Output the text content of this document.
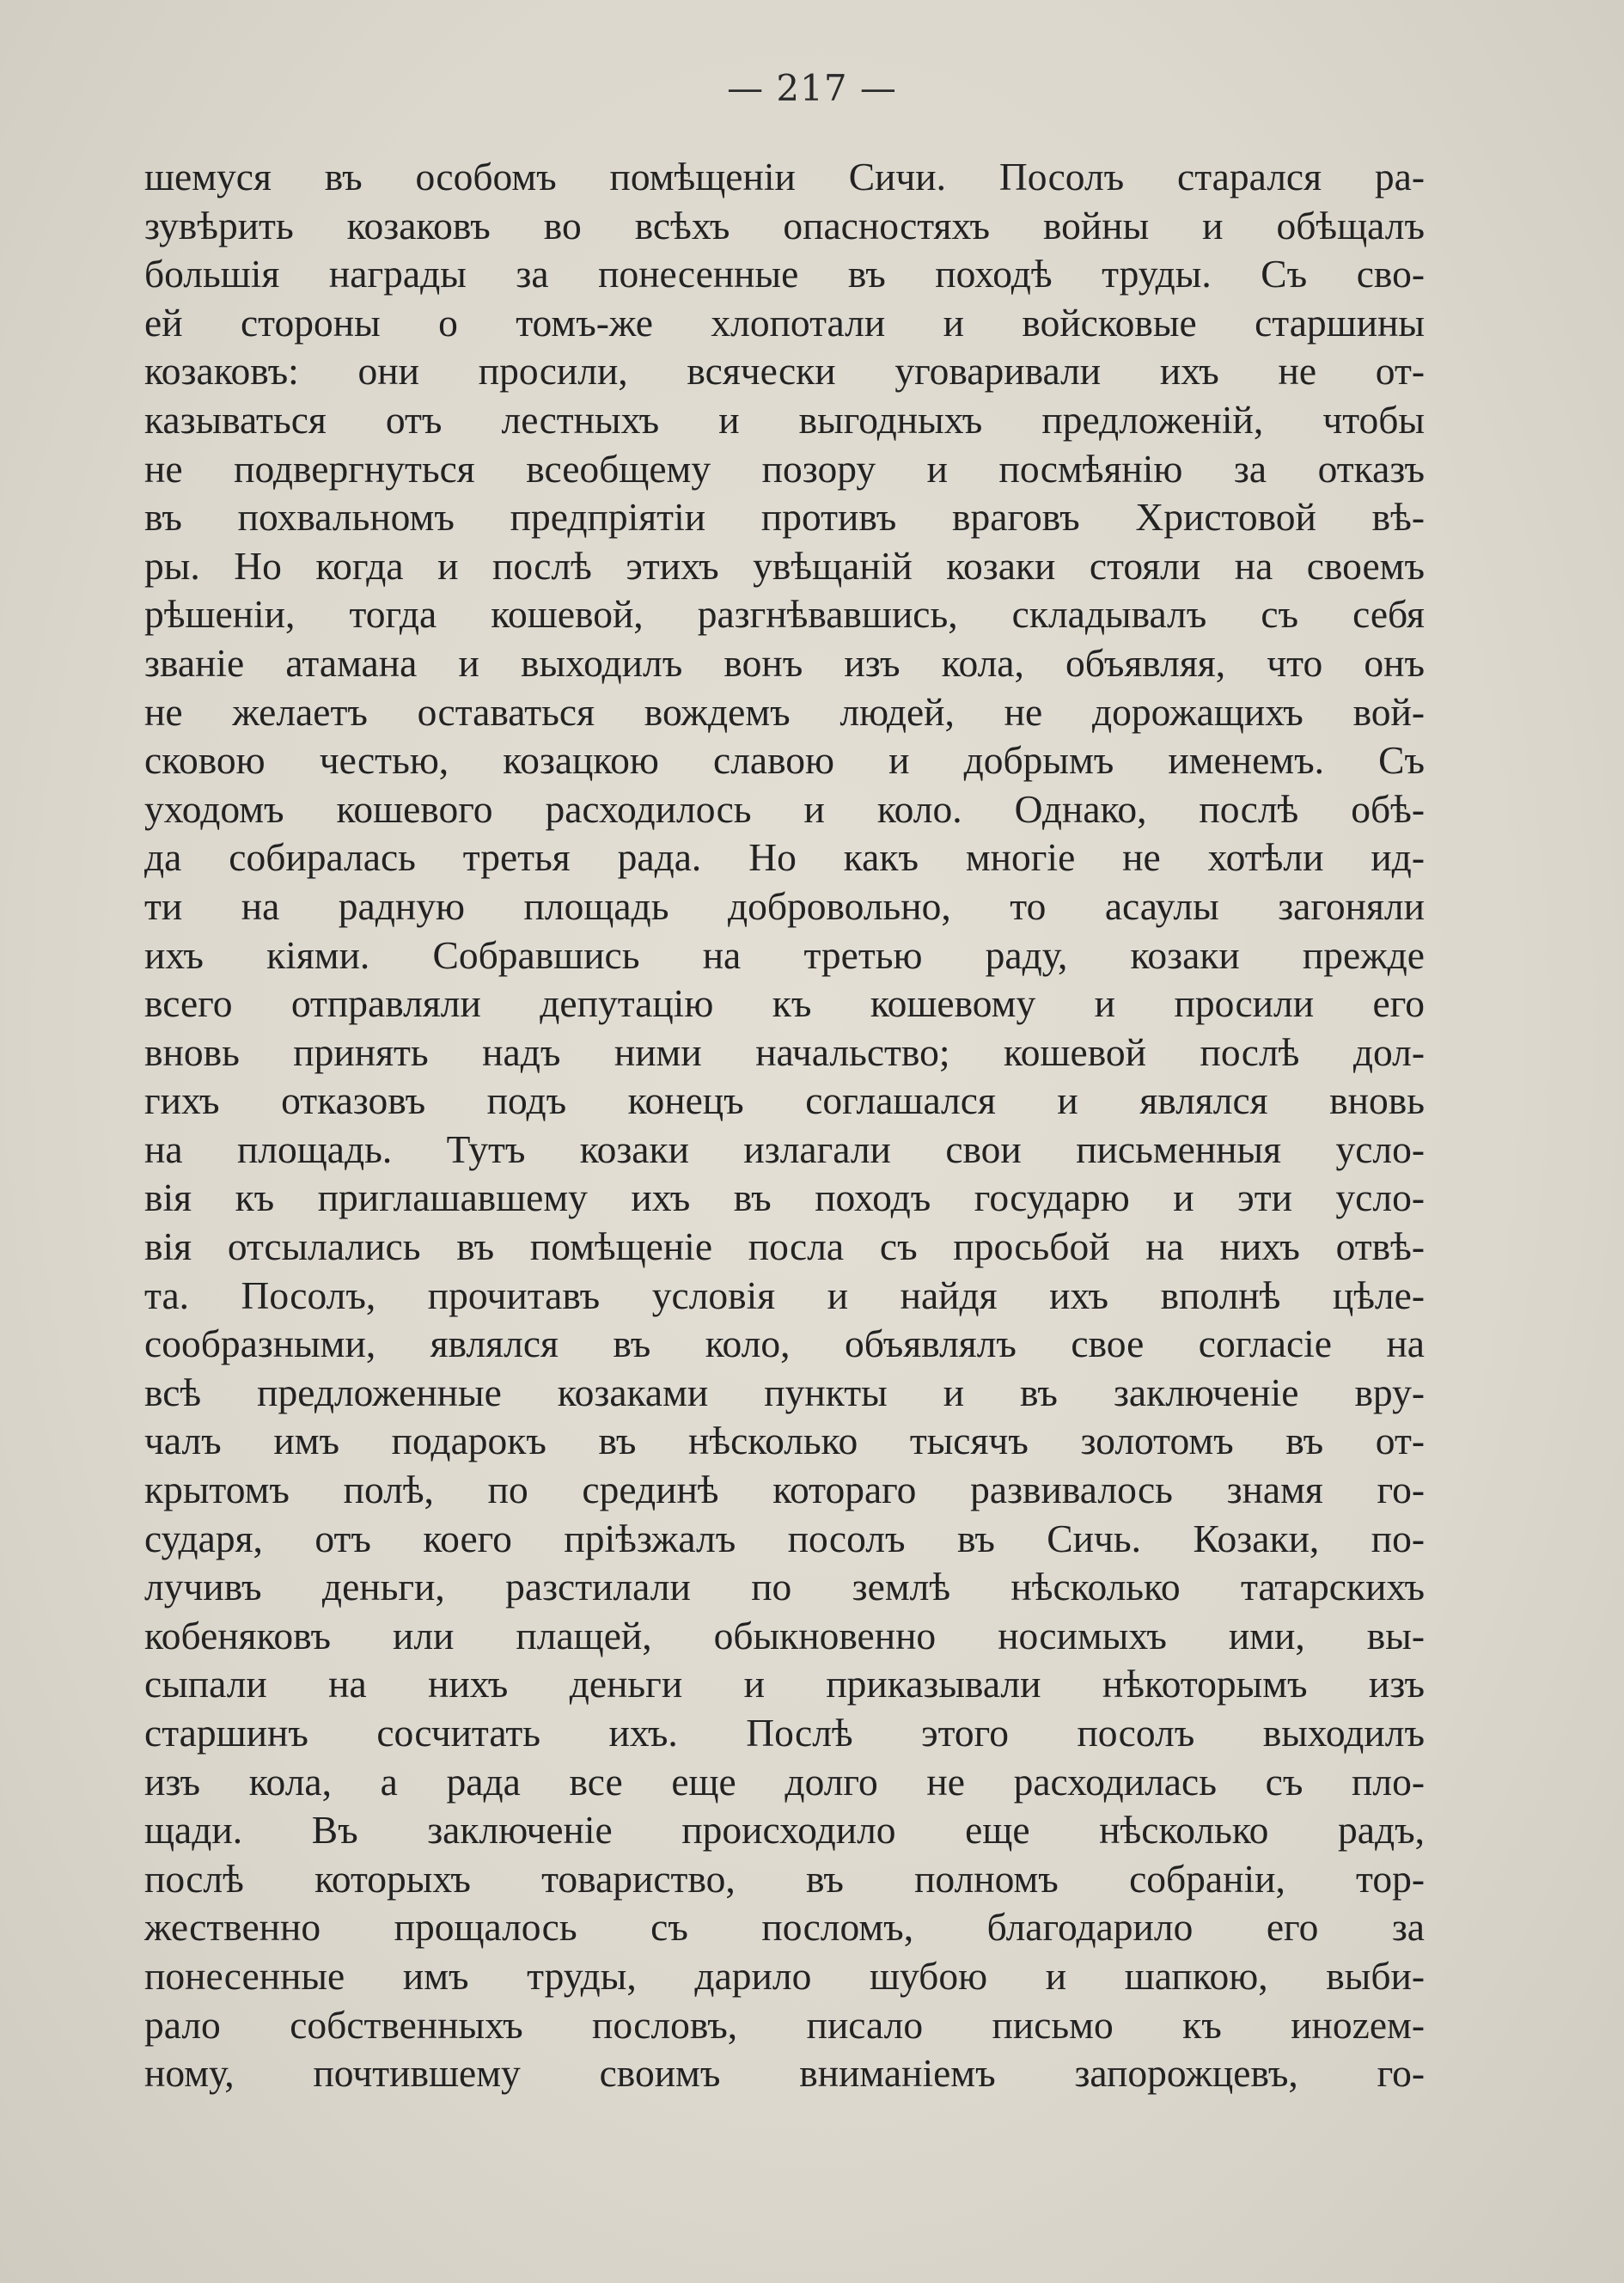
— 217 —
шемуся въ особомъ помѣщеніи Сичи. Посолъ старался ра-
зувѣрить козаковъ во всѣхъ опасностяхъ войны и обѣщалъ
большія награды за понесенные въ походѣ труды. Съ сво-
ей стороны о томъ-же хлопотали и войсковые старшины
козаковъ: они просили, всячески уговаривали ихъ не от-
казываться отъ лестныхъ и выгодныхъ предложеній, чтобы
не подвергнуться всеобщему позору и посмѣянію за отказъ
въ похвальномъ предпріятіи противъ враговъ Христовой вѣ-
ры. Но когда и послѣ этихъ увѣщаній козаки стояли на своемъ
рѣшеніи, тогда кошевой, разгнѣвавшись, складывалъ съ себя
званіе атамана и выходилъ вонъ изъ кола, объявляя, что онъ
не желаетъ оставаться вождемъ людей, не дорожащихъ вой-
сковою честью, козацкою славою и добрымъ именемъ. Съ
уходомъ кошевого расходилось и коло. Однако, послѣ обѣ-
да собиралась третья рада. Но какъ многіе не хотѣли ид-
ти на радную площадь добровольно, то асаулы загоняли
ихъ кіями. Собравшись на третью раду, козаки прежде
всего отправляли депутацію къ кошевому и просили его
вновь принять надъ ними начальство; кошевой послѣ дол-
гихъ отказовъ подъ конецъ соглашался и являлся вновь
на площадь. Тутъ козаки излагали свои письменныя усло-
вія къ приглашавшему ихъ въ походъ государю и эти усло-
вія отсылались въ помѣщеніе посла съ просьбой на нихъ отвѣ-
та. Посолъ, прочитавъ условія и найдя ихъ вполнѣ цѣле-
сообразными, являлся въ коло, объявлялъ свое согласіе на
всѣ предложенные козаками пункты и въ заключеніе вру-
чалъ имъ подарокъ въ нѣсколько тысячъ золотомъ въ от-
крытомъ полѣ, по срединѣ котораго развивалось знамя го-
сударя, отъ коего пріѣзжалъ посолъ въ Сичь. Козаки, по-
лучивъ деньги, разстилали по землѣ нѣсколько татарскихъ
кобеняковъ или плащей, обыкновенно носимыхъ ими, вы-
сыпали на нихъ деньги и приказывали нѣкоторымъ изъ
старшинъ сосчитать ихъ. Послѣ этого посолъ выходилъ
изъ кола, а рада все еще долго не расходилась съ пло-
щади. Въ заключеніе происходило еще нѣсколько радъ,
послѣ которыхъ товариство, въ полномъ собраніи, тор-
жественно прощалось съ посломъ, благодарило его за
понесенные имъ труды, дарило шубою и шапкою, выби-
рало собственныхъ пословъ, писало письмо къ иноzем-
ному, почтившему своимъ вниманіемъ запорожцевъ, го-
